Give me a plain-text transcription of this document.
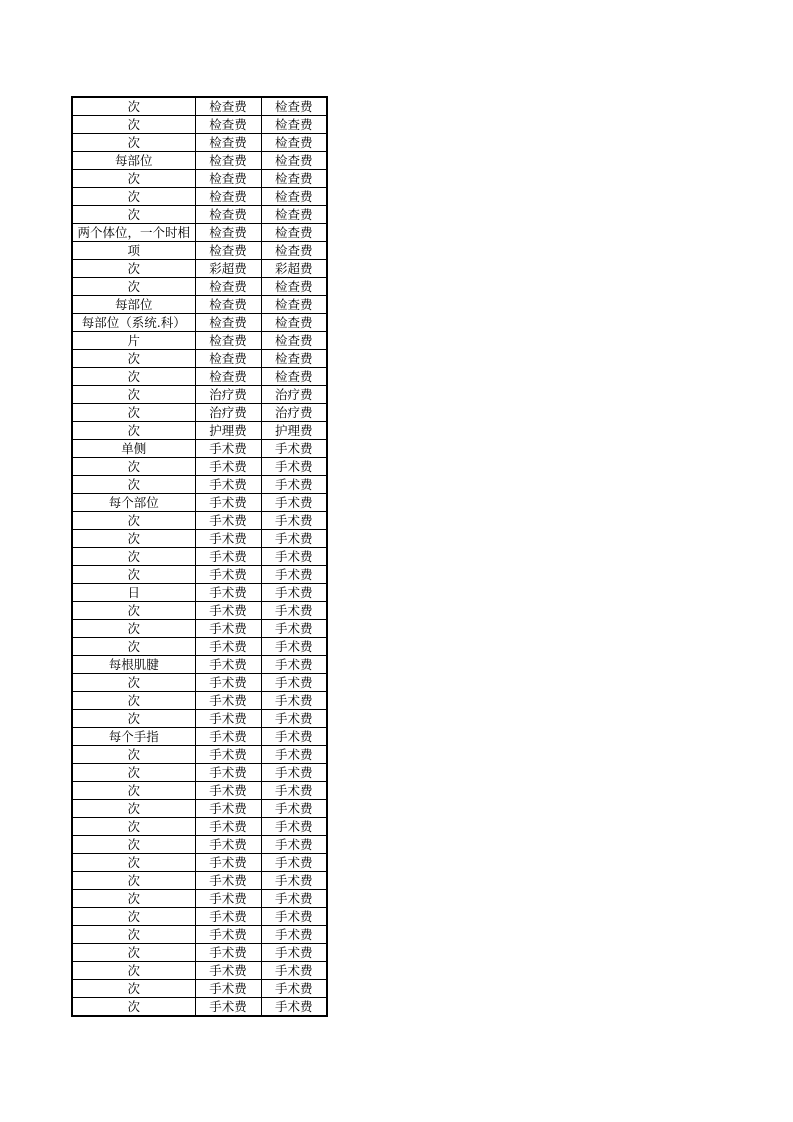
次	检查费	检查费
次	检查费	检查费
次	检查费	检查费
每部位	检查费	检查费
次	检查费	检查费
次	检查费	检查费
次	检查费	检查费
两个体位，一个时相	检查费	检查费
项	检查费	检查费
次	彩超费	彩超费
次	检查费	检查费
每部位	检查费	检查费
每部位（系统.科）	检查费	检查费
片	检查费	检查费
次	检查费	检查费
次	检查费	检查费
次	治疗费	治疗费
次	治疗费	治疗费
次	护理费	护理费
单侧	手术费	手术费
次	手术费	手术费
次	手术费	手术费
每个部位	手术费	手术费
次	手术费	手术费
次	手术费	手术费
次	手术费	手术费
次	手术费	手术费
日	手术费	手术费
次	手术费	手术费
次	手术费	手术费
次	手术费	手术费
每根肌腱	手术费	手术费
次	手术费	手术费
次	手术费	手术费
次	手术费	手术费
每个手指	手术费	手术费
次	手术费	手术费
次	手术费	手术费
次	手术费	手术费
次	手术费	手术费
次	手术费	手术费
次	手术费	手术费
次	手术费	手术费
次	手术费	手术费
次	手术费	手术费
次	手术费	手术费
次	手术费	手术费
次	手术费	手术费
次	手术费	手术费
次	手术费	手术费
次	手术费	手术费
